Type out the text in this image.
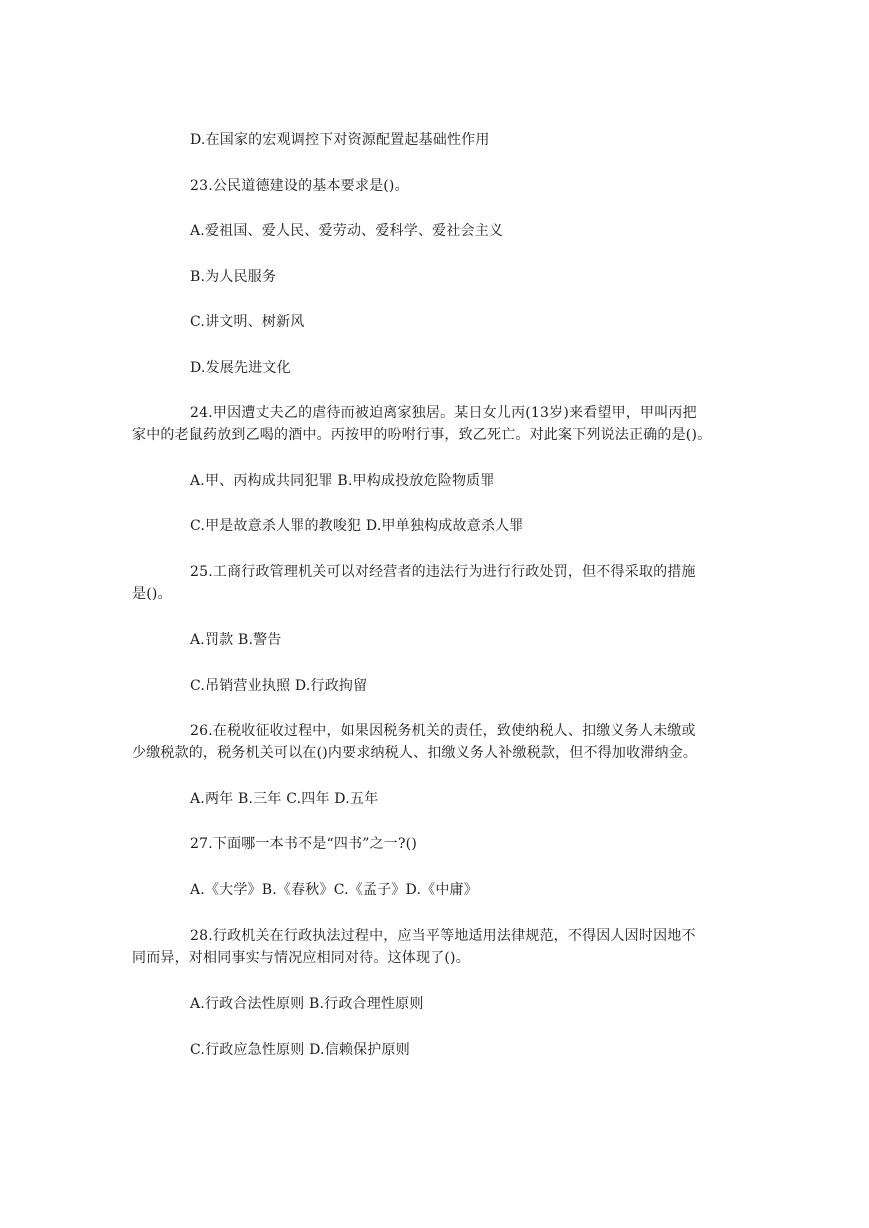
D.在国家的宏观调控下对资源配置起基础性作用
23.公民道德建设的基本要求是()。
A.爱祖国、爱人民、爱劳动、爱科学、爱社会主义
B.为人民服务
C.讲文明、树新风
D.发展先进文化
24.甲因遭丈夫乙的虐待而被迫离家独居。某日女儿丙(13岁)来看望甲，甲叫丙把
家中的老鼠药放到乙喝的酒中。丙按甲的吩咐行事，致乙死亡。对此案下列说法正确的是()。
A.甲、丙构成共同犯罪 B.甲构成投放危险物质罪
C.甲是故意杀人罪的教唆犯 D.甲单独构成故意杀人罪
25.工商行政管理机关可以对经营者的违法行为进行行政处罚，但不得采取的措施
是()。
A.罚款 B.警告
C.吊销营业执照 D.行政拘留
26.在税收征收过程中，如果因税务机关的责任，致使纳税人、扣缴义务人未缴或
少缴税款的，税务机关可以在()内要求纳税人、扣缴义务人补缴税款，但不得加收滞纳金。
A.两年 B.三年 C.四年 D.五年
27.下面哪一本书不是“四书”之一?()
A.《大学》B.《春秋》C.《孟子》D.《中庸》
28.行政机关在行政执法过程中，应当平等地适用法律规范，不得因人因时因地不
同而异，对相同事实与情况应相同对待。这体现了()。
A.行政合法性原则 B.行政合理性原则
C.行政应急性原则 D.信赖保护原则
